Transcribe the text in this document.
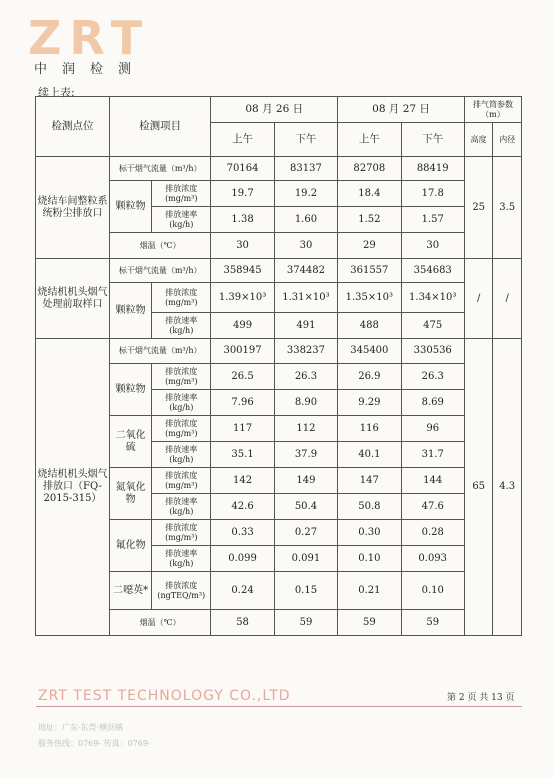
ZRT
中润检测
续上表:
检测点位	检测项目		08 月 26 日		08 月 27 日		排气筒参数（m）	
			上午	下午	上午	下午	高度	内径
烧结车间整粒系统粉尘排放口	标干烟气流量（m³/h）		70164	83137	82708	88419	25	3.5
	颗粒物	排放浓度 (mg/m³)	19.7	19.2	18.4	17.8		
		排放速率 (kg/h)	1.38	1.60	1.52	1.57		
	烟温（℃）		30	30	29	30		
烧结机机头烟气处理前取样口	标干烟气流量（m³/h）		358945	374482	361557	354683	/	/
	颗粒物	排放浓度 (mg/m³)	1.39×10³	1.31×10³	1.35×10³	1.34×10³		
		排放速率 (kg/h)	499	491	488	475		
烧结机机头烟气排放口（FQ-2015-315）	标干烟气流量（m³/h）		300197	338237	345400	330536	65	4.3
	颗粒物	排放浓度 (mg/m³)	26.5	26.3	26.9	26.3		
		排放速率 (kg/h)	7.96	8.90	9.29	8.69		
	二氧化硫	排放浓度 (mg/m³)	117	112	116	96		
		排放速率 (kg/h)	35.1	37.9	40.1	31.7		
	氮氧化物	排放浓度 (mg/m³)	142	149	147	144		
		排放速率 (kg/h)	42.6	50.4	50.8	47.6		
	氟化物	排放浓度 (mg/m³)	0.33	0.27	0.30	0.28		
		排放速率 (kg/h)	0.099	0.091	0.10	0.093		
	二噁英*	排放浓度 (ngTEQ/m³)	0.24	0.15	0.21	0.10		
	烟温（℃）		58	59	59	59		
ZRT TEST TECHNOLOGY CO.,LTD	第 2 页 共 13 页
地址：广东·东莞·横沥镇
服务热线：0769- 传真：0769-
